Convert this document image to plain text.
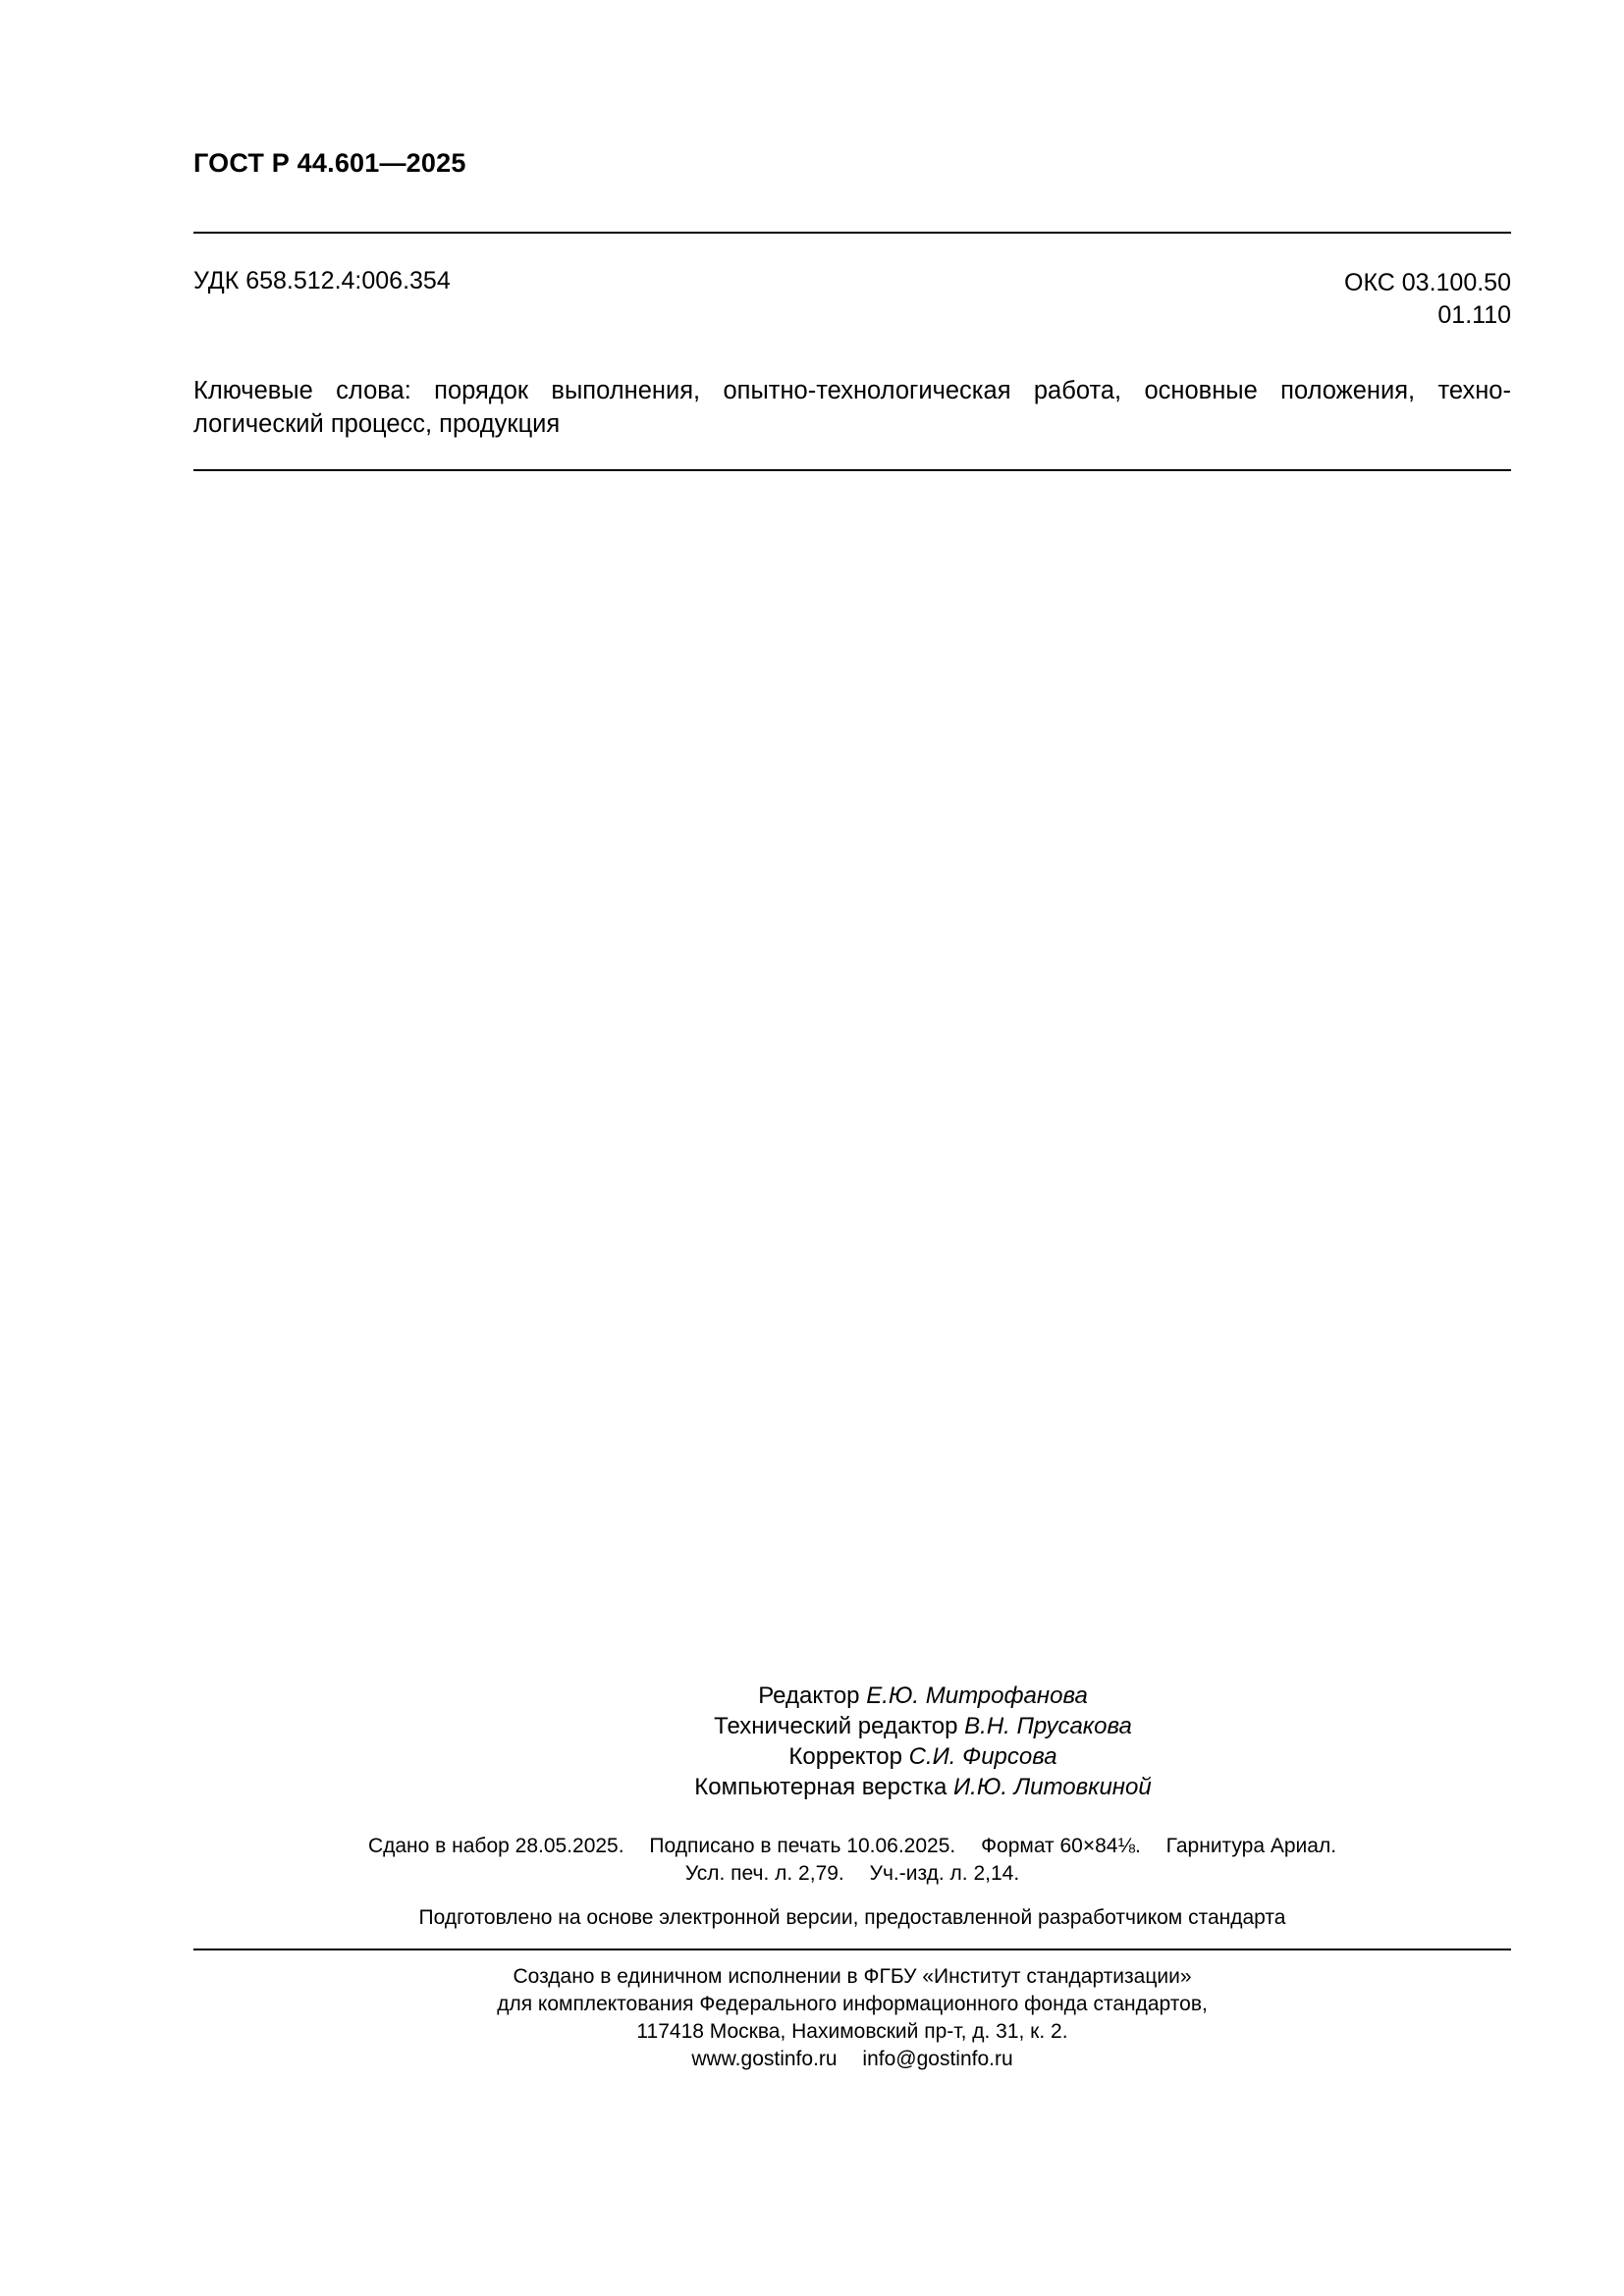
ГОСТ Р 44.601—2025
УДК 658.512.4:006.354	ОКС 03.100.50
01.110
Ключевые слова: порядок выполнения, опытно-технологическая работа, основные положения, техно-
логический процесс, продукция
Редактор Е.Ю. Митрофанова
Технический редактор В.Н. Прусакова
Корректор С.И. Фирсова
Компьютерная верстка И.Ю. Литовкиной
Сдано в набор 28.05.2025. Подписано в печать 10.06.2025. Формат 60×84⅛. Гарнитура Ариал.
Усл. печ. л. 2,79. Уч.-изд. л. 2,14.
Подготовлено на основе электронной версии, предоставленной разработчиком стандарта
Создано в единичном исполнении в ФГБУ «Институт стандартизации»
для комплектования Федерального информационного фонда стандартов,
117418 Москва, Нахимовский пр-т, д. 31, к. 2.
www.gostinfo.ru info@gostinfo.ru
